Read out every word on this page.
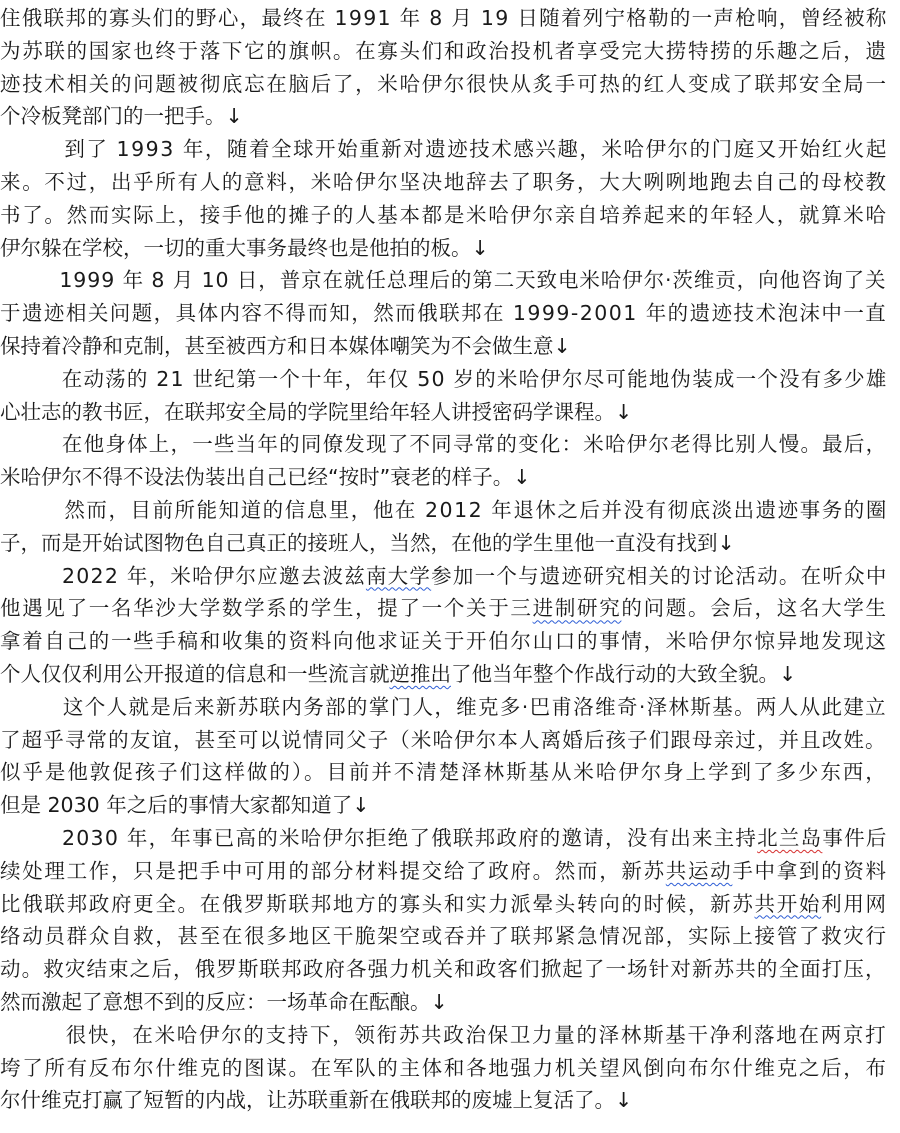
住俄联邦的寡头们的野心，最终在 1991 年 8 月 19 日随着列宁格勒的一声枪响，曾经被称
为苏联的国家也终于落下它的旗帜。在寡头们和政治投机者享受完大捞特捞的乐趣之后，遗
迹技术相关的问题被彻底忘在脑后了，米哈伊尔很快从炙手可热的红人变成了联邦安全局一
个冷板凳部门的一把手。↓
到了 1993 年，随着全球开始重新对遗迹技术感兴趣，米哈伊尔的门庭又开始红火起
来。不过，出乎所有人的意料，米哈伊尔坚决地辞去了职务，大大咧咧地跑去自己的母校教
书了。然而实际上，接手他的摊子的人基本都是米哈伊尔亲自培养起来的年轻人，就算米哈
伊尔躲在学校，一切的重大事务最终也是他拍的板。↓
1999 年 8 月 10 日，普京在就任总理后的第二天致电米哈伊尔·茨维贡，向他咨询了关
于遗迹相关问题，具体内容不得而知，然而俄联邦在 1999-2001 年的遗迹技术泡沫中一直
保持着冷静和克制，甚至被西方和日本媒体嘲笑为不会做生意↓
在动荡的 21 世纪第一个十年，年仅 50 岁的米哈伊尔尽可能地伪装成一个没有多少雄
心壮志的教书匠，在联邦安全局的学院里给年轻人讲授密码学课程。↓
在他身体上，一些当年的同僚发现了不同寻常的变化：米哈伊尔老得比别人慢。最后，
米哈伊尔不得不设法伪装出自己已经“按时”衰老的样子。↓
然而，目前所能知道的信息里，他在 2012 年退休之后并没有彻底淡出遗迹事务的圈
子，而是开始试图物色自己真正的接班人，当然，在他的学生里他一直没有找到↓
2022 年，米哈伊尔应邀去波兹南大学参加一个与遗迹研究相关的讨论活动。在听众中
他遇见了一名华沙大学数学系的学生，提了一个关于三进制研究的问题。会后，这名大学生
拿着自己的一些手稿和收集的资料向他求证关于开伯尔山口的事情，米哈伊尔惊异地发现这
个人仅仅利用公开报道的信息和一些流言就逆推出了他当年整个作战行动的大致全貌。↓
这个人就是后来新苏联内务部的掌门人，维克多·巴甫洛维奇·泽林斯基。两人从此建立
了超乎寻常的友谊，甚至可以说情同父子（米哈伊尔本人离婚后孩子们跟母亲过，并且改姓。
似乎是他敦促孩子们这样做的）。目前并不清楚泽林斯基从米哈伊尔身上学到了多少东西，
但是 2030 年之后的事情大家都知道了↓
2030 年，年事已高的米哈伊尔拒绝了俄联邦政府的邀请，没有出来主持北兰岛事件后
续处理工作，只是把手中可用的部分材料提交给了政府。然而，新苏共运动手中拿到的资料
比俄联邦政府更全。在俄罗斯联邦地方的寡头和实力派晕头转向的时候，新苏共开始利用网
络动员群众自救，甚至在很多地区干脆架空或吞并了联邦紧急情况部，实际上接管了救灾行
动。救灾结束之后，俄罗斯联邦政府各强力机关和政客们掀起了一场针对新苏共的全面打压，
然而激起了意想不到的反应：一场革命在酝酿。↓
很快，在米哈伊尔的支持下，领衔苏共政治保卫力量的泽林斯基干净利落地在两京打
垮了所有反布尔什维克的图谋。在军队的主体和各地强力机关望风倒向布尔什维克之后，布
尔什维克打赢了短暂的内战，让苏联重新在俄联邦的废墟上复活了。↓
